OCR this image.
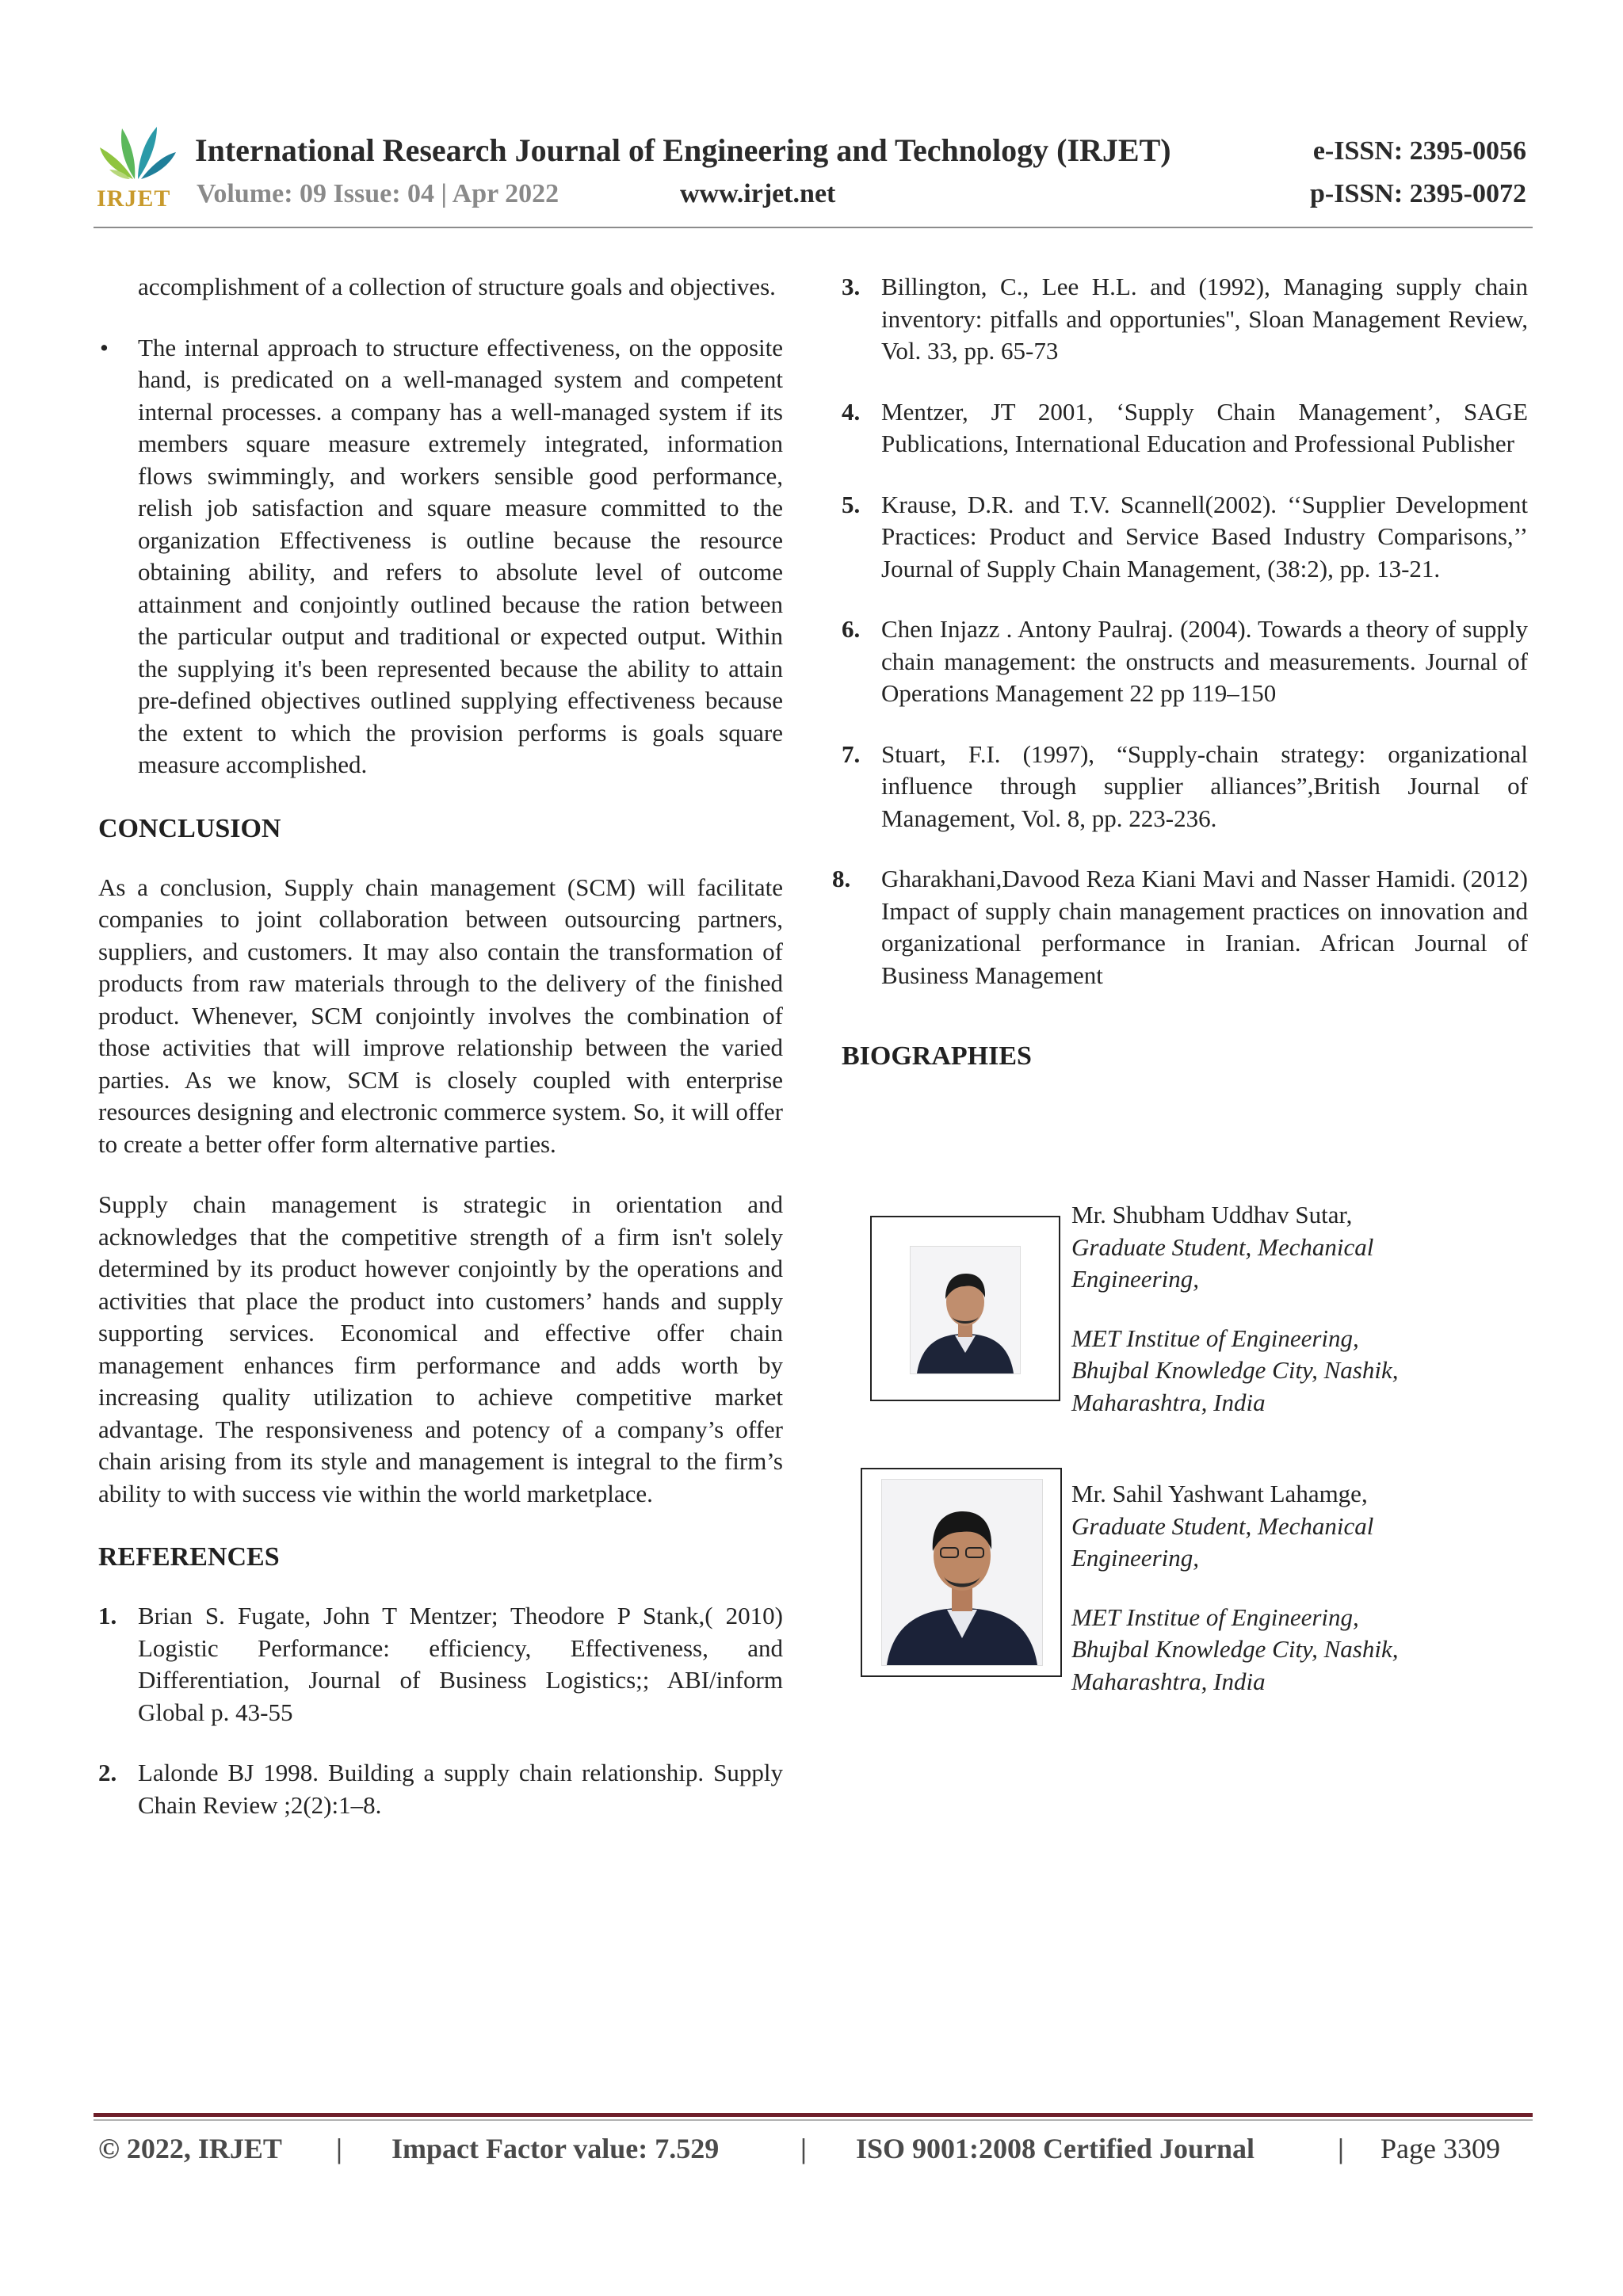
IRJET
International Research Journal of Engineering and Technology (IRJET)	e-ISSN: 2395-0056
Volume: 09 Issue: 04 | Apr 2022	www.irjet.net	p-ISSN: 2395-0072

accomplishment of a collection of structure goals and objectives.

• The internal approach to structure effectiveness, on the opposite hand, is predicated on a well-managed system and competent internal processes. a company has a well-managed system if its members square measure extremely integrated, information flows swimmingly, and workers sensible good performance, relish job satisfaction and square measure committed to the organization Effectiveness is outline because the resource obtaining ability, and refers to absolute level of outcome attainment and conjointly outlined because the ration between the particular output and traditional or expected output. Within the supplying it's been represented because the ability to attain pre-defined objectives outlined supplying effectiveness because the extent to which the provision performs is goals square measure accomplished.
CONCLUSION

As a conclusion, Supply chain management (SCM) will facilitate companies to joint collaboration between outsourcing partners, suppliers, and customers. It may also contain the transformation of products from raw materials through to the delivery of the finished product. Whenever, SCM conjointly involves the combination of those activities that will improve relationship between the varied parties. As we know, SCM is closely coupled with enterprise resources designing and electronic commerce system. So, it will offer to create a better offer form alternative parties.

Supply chain management is strategic in orientation and acknowledges that the competitive strength of a firm isn't solely determined by its product however conjointly by the operations and activities that place the product into customers’ hands and supply supporting services. Economical and effective offer chain management enhances firm performance and adds worth by increasing quality utilization to achieve competitive market advantage. The responsiveness and potency of a company’s offer chain arising from its style and management is integral to the firm’s ability to with success vie within the world marketplace.

REFERENCES
1. Brian S. Fugate, John T Mentzer; Theodore P Stank,( 2010) Logistic Performance: efficiency, Effectiveness, and Differentiation, Journal of Business Logistics;; ABI/inform Global p. 43-55
2. Lalonde BJ 1998. Building a supply chain relationship. Supply Chain Review ;2(2):1–8.
3. Billington, C., Lee H.L. and (1992), Managing supply chain inventory: pitfalls and opportunies'', Sloan Management Review, Vol. 33, pp. 65-73
4. Mentzer, JT 2001, ‘Supply Chain Management’, SAGE Publications, International Education and Professional Publisher
5. Krause, D.R. and T.V. Scannell(2002). ‘‘Supplier Development Practices: Product and Service Based Industry Comparisons,’’ Journal of Supply Chain Management, (38:2), pp. 13-21.
6. Chen Injazz . Antony Paulraj. (2004). Towards a theory of supply chain management: the onstructs and measurements. Journal of Operations Management 22 pp 119–150
7. Stuart, F.I. (1997), “Supply-chain strategy: organizational influence through supplier alliances”,British Journal of Management, Vol. 8, pp. 223-236.
8. Gharakhani,Davood Reza Kiani Mavi and Nasser Hamidi. (2012) Impact of supply chain management practices on innovation and organizational performance in Iranian. African Journal of Business Management
BIOGRAPHIES
Mr. Shubham Uddhav Sutar,
Graduate Student, Mechanical
Engineering,
MET Institue of Engineering,
Bhujbal Knowledge City, Nashik,
Maharashtra, India
Mr. Sahil Yashwant Lahamge,
Graduate Student, Mechanical
Engineering,
MET Institue of Engineering,
Bhujbal Knowledge City, Nashik,
Maharashtra, India
© 2022, IRJET | Impact Factor value: 7.529	| ISO 9001:2008 Certified Journal	| Page 3309
